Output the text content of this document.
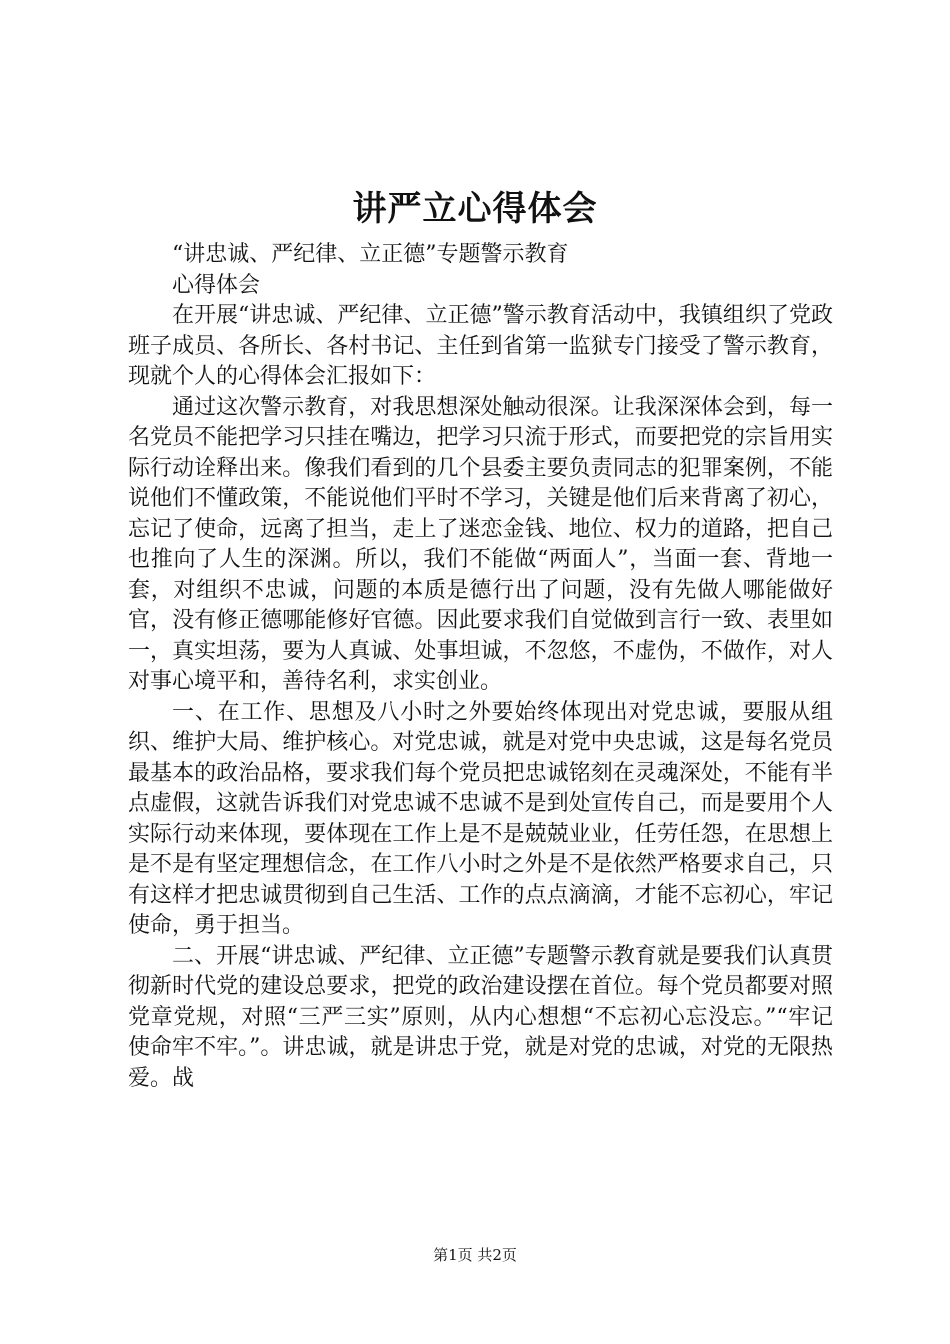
讲严立心得体会

“讲忠诚、严纪律、立正德”专题警示教育

心得体会

在开展“讲忠诚、严纪律、立正德”警示教育活动中，我镇组织了党政班子成员、各所长、各村书记、主任到省第一监狱专门接受了警示教育，现就个人的心得体会汇报如下：

通过这次警示教育，对我思想深处触动很深。让我深深体会到，每一名党员不能把学习只挂在嘴边，把学习只流于形式，而要把党的宗旨用实际行动诠释出来。像我们看到的几个县委主要负责同志的犯罪案例，不能说他们不懂政策，不能说他们平时不学习，关键是他们后来背离了初心，忘记了使命，远离了担当，走上了迷恋金钱、地位、权力的道路，把自己也推向了人生的深渊。所以，我们不能做“两面人”，当面一套、背地一套，对组织不忠诚，问题的本质是德行出了问题，没有先做人哪能做好官，没有修正德哪能修好官德。因此要求我们自觉做到言行一致、表里如一，真实坦荡，要为人真诚、处事坦诚，不忽悠，不虚伪，不做作，对人对事心境平和，善待名利，求实创业。

一、在工作、思想及八小时之外要始终体现出对党忠诚，要服从组织、维护大局、维护核心。对党忠诚，就是对党中央忠诚，这是每名党员最基本的政治品格，要求我们每个党员把忠诚铭刻在灵魂深处，不能有半点虚假，这就告诉我们对党忠诚不忠诚不是到处宣传自己，而是要用个人实际行动来体现，要体现在工作上是不是兢兢业业，任劳任怨，在思想上是不是有坚定理想信念，在工作八小时之外是不是依然严格要求自己，只有这样才把忠诚贯彻到自己生活、工作的点点滴滴，才能不忘初心，牢记使命，勇于担当。

二、开展“讲忠诚、严纪律、立正德”专题警示教育就是要我们认真贯彻新时代党的建设总要求，把党的政治建设摆在首位。每个党员都要对照党章党规，对照“三严三实”原则，从内心想想“不忘初心忘没忘。”“牢记使命牢不牢。”。讲忠诚，就是讲忠于党，就是对党的忠诚，对党的无限热爱。战

第1页 共2页
